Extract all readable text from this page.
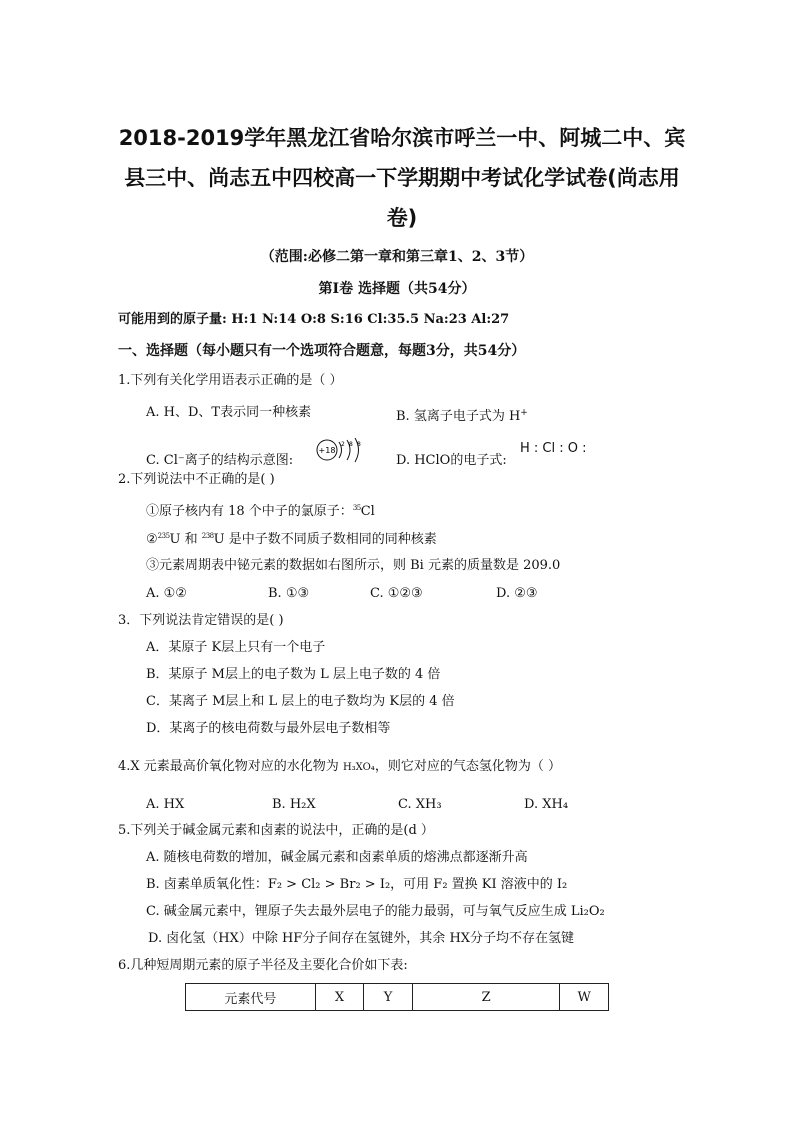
2018-2019学年黑龙江省哈尔滨市呼兰一中、阿城二中、宾
县三中、尚志五中四校高一下学期期中考试化学试卷(尚志用
卷)
（范围:必修二第一章和第三章1、2、3节）
第Ⅰ卷 选择题（共54分）
可能用到的原子量: H:1 N:14 O:8 S:16 Cl:35.5 Na:23 Al:27
一、选择题（每小题只有一个选项符合题意，每题3分，共54分）
1.下列有关化学用语表示正确的是（ ）
A. H、D、T表示同一种核素	B. 氢离子电子式为 H+
C. Cl⁻离子的结构示意图:
+18
2 8 8
D. HClO的电子式:
H : Cl : O :
2.下列说法中不正确的是( )
①原子核内有 18 个中子的氯原子：$^{35}$Cl
②$^{235}$U 和 $^{238}$U 是中子数不同质子数相同的同种核素
③元素周期表中铋元素的数据如右图所示，则 Bi 元素的质量数是 209.0
A. ①②	B. ①③	C. ①②③	D. ②③
3．下列说法肯定错误的是( )
A．某原子 K层上只有一个电子
B．某原子 M层上的电子数为 L 层上电子数的 4 倍
C．某离子 M层上和 L 层上的电子数均为 K层的 4 倍
D．某离子的核电荷数与最外层电子数相等
4.X 元素最高价氧化物对应的水化物为 H₃XO₄，则它对应的气态氢化物为（ ）
A. HX	B. H₂X	C. XH₃	D. XH₄
5.下列关于碱金属元素和卤素的说法中，正确的是(d ）
A. 随核电荷数的增加，碱金属元素和卤素单质的熔沸点都逐渐升高
B. 卤素单质氧化性：F₂ > Cl₂ > Br₂ > I₂，可用 F₂ 置换 KI 溶液中的 I₂
C. 碱金属元素中，锂原子失去最外层电子的能力最弱，可与氧气反应生成 Li₂O₂
D. 卤化氢（HX）中除 HF分子间存在氢键外，其余 HX分子均不存在氢键
6.几种短周期元素的原子半径及主要化合价如下表:
元素代号	X	Y	Z	W
